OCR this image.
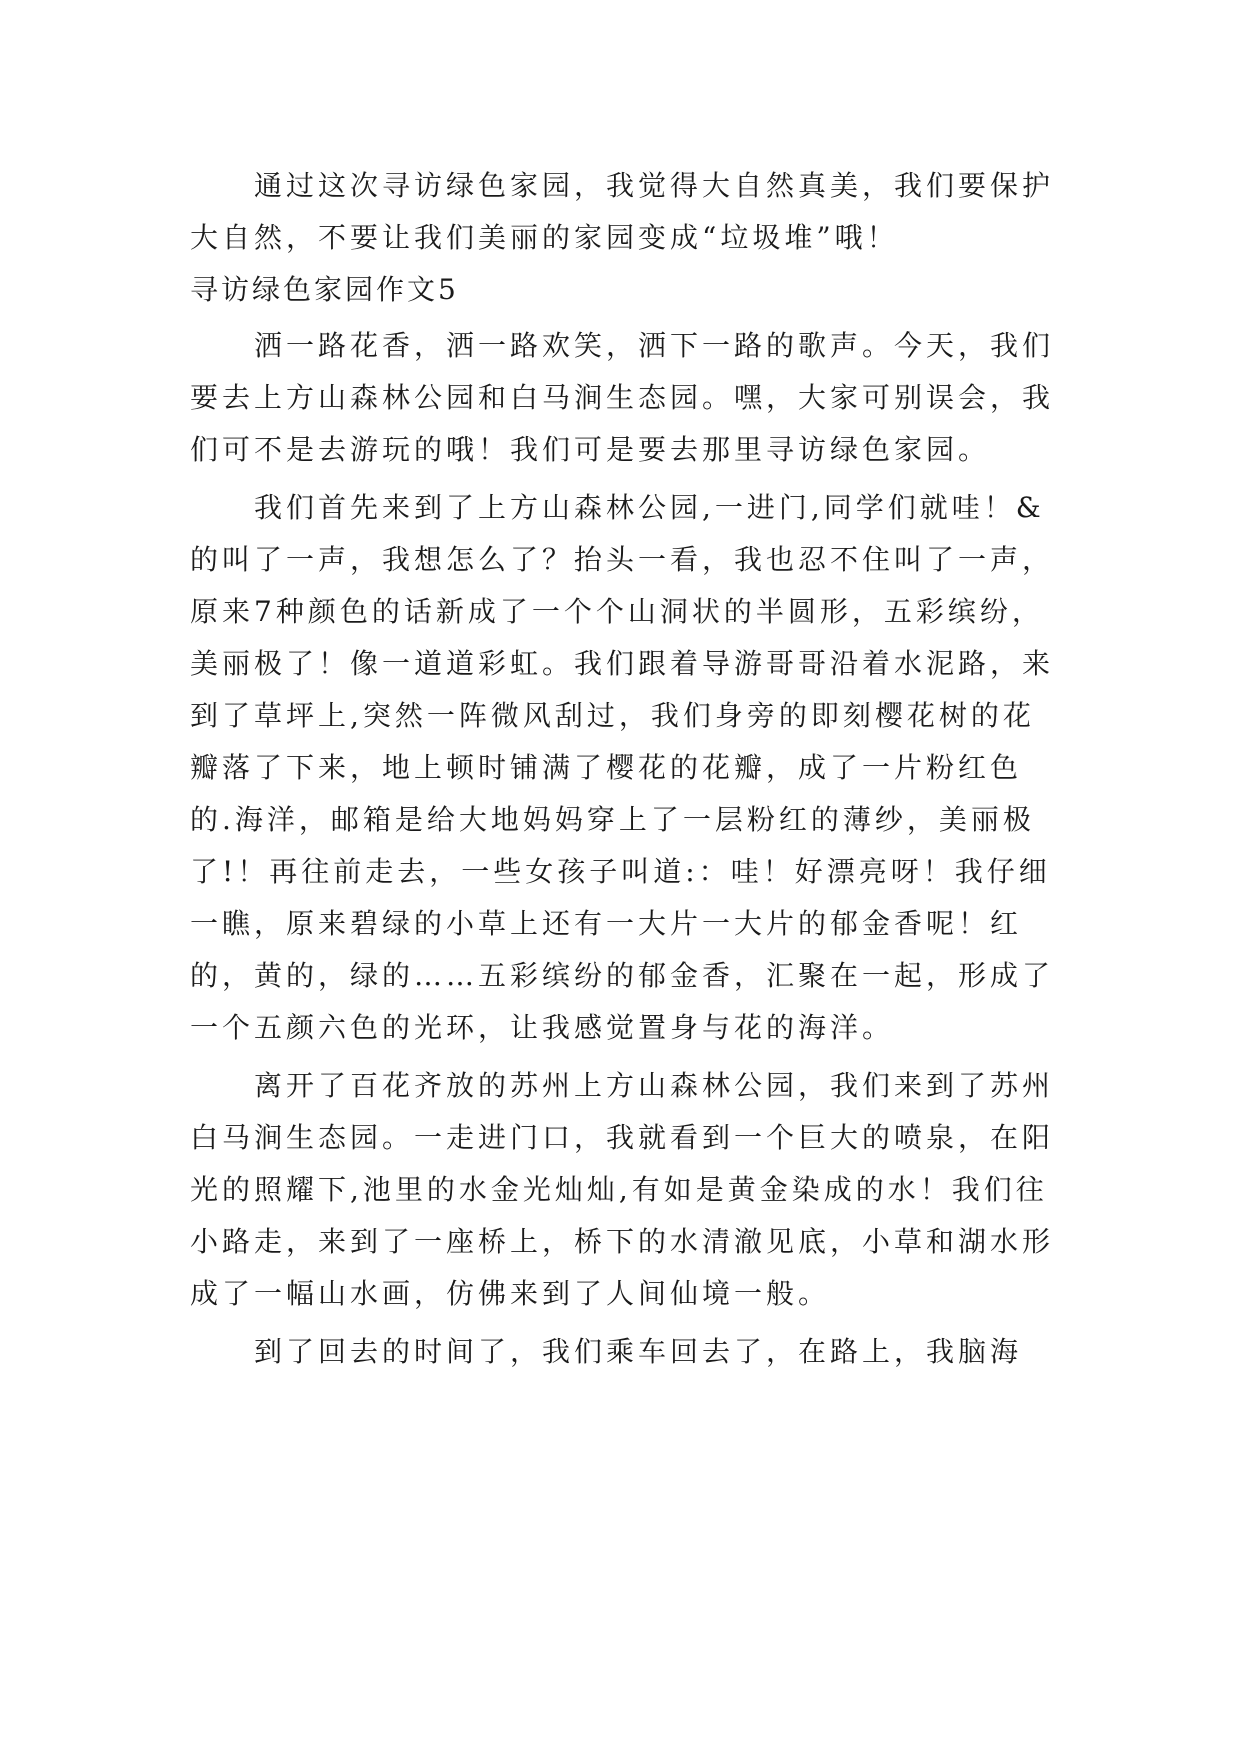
通过这次寻访绿色家园，我觉得大自然真美，我们要保护大自然，不要让我们美丽的家园变成“垃圾堆”哦！

寻访绿色家园作文5

洒一路花香，洒一路欢笑，洒下一路的歌声。今天，我们要去上方山森林公园和白马涧生态园。嘿，大家可别误会，我们可不是去游玩的哦！我们可是要去那里寻访绿色家园。

我们首先来到了上方山森林公园,一进门,同学们就哇！&的叫了一声，我想怎么了？抬头一看，我也忍不住叫了一声，原来7种颜色的话新成了一个个山洞状的半圆形，五彩缤纷，美丽极了！像一道道彩虹。我们跟着导游哥哥沿着水泥路，来到了草坪上,突然一阵微风刮过，我们身旁的即刻樱花树的花瓣落了下来，地上顿时铺满了樱花的花瓣，成了一片粉红色的.海洋，邮箱是给大地妈妈穿上了一层粉红的薄纱，美丽极了!！再往前走去，一些女孩子叫道:：哇！好漂亮呀！我仔细一瞧，原来碧绿的小草上还有一大片一大片的郁金香呢！红的，黄的，绿的……五彩缤纷的郁金香，汇聚在一起，形成了一个五颜六色的光环，让我感觉置身与花的海洋。

离开了百花齐放的苏州上方山森林公园，我们来到了苏州白马涧生态园。一走进门口，我就看到一个巨大的喷泉，在阳光的照耀下,池里的水金光灿灿,有如是黄金染成的水！我们往小路走，来到了一座桥上，桥下的水清澈见底，小草和湖水形成了一幅山水画，仿佛来到了人间仙境一般。

到了回去的时间了，我们乘车回去了，在路上，我脑海
